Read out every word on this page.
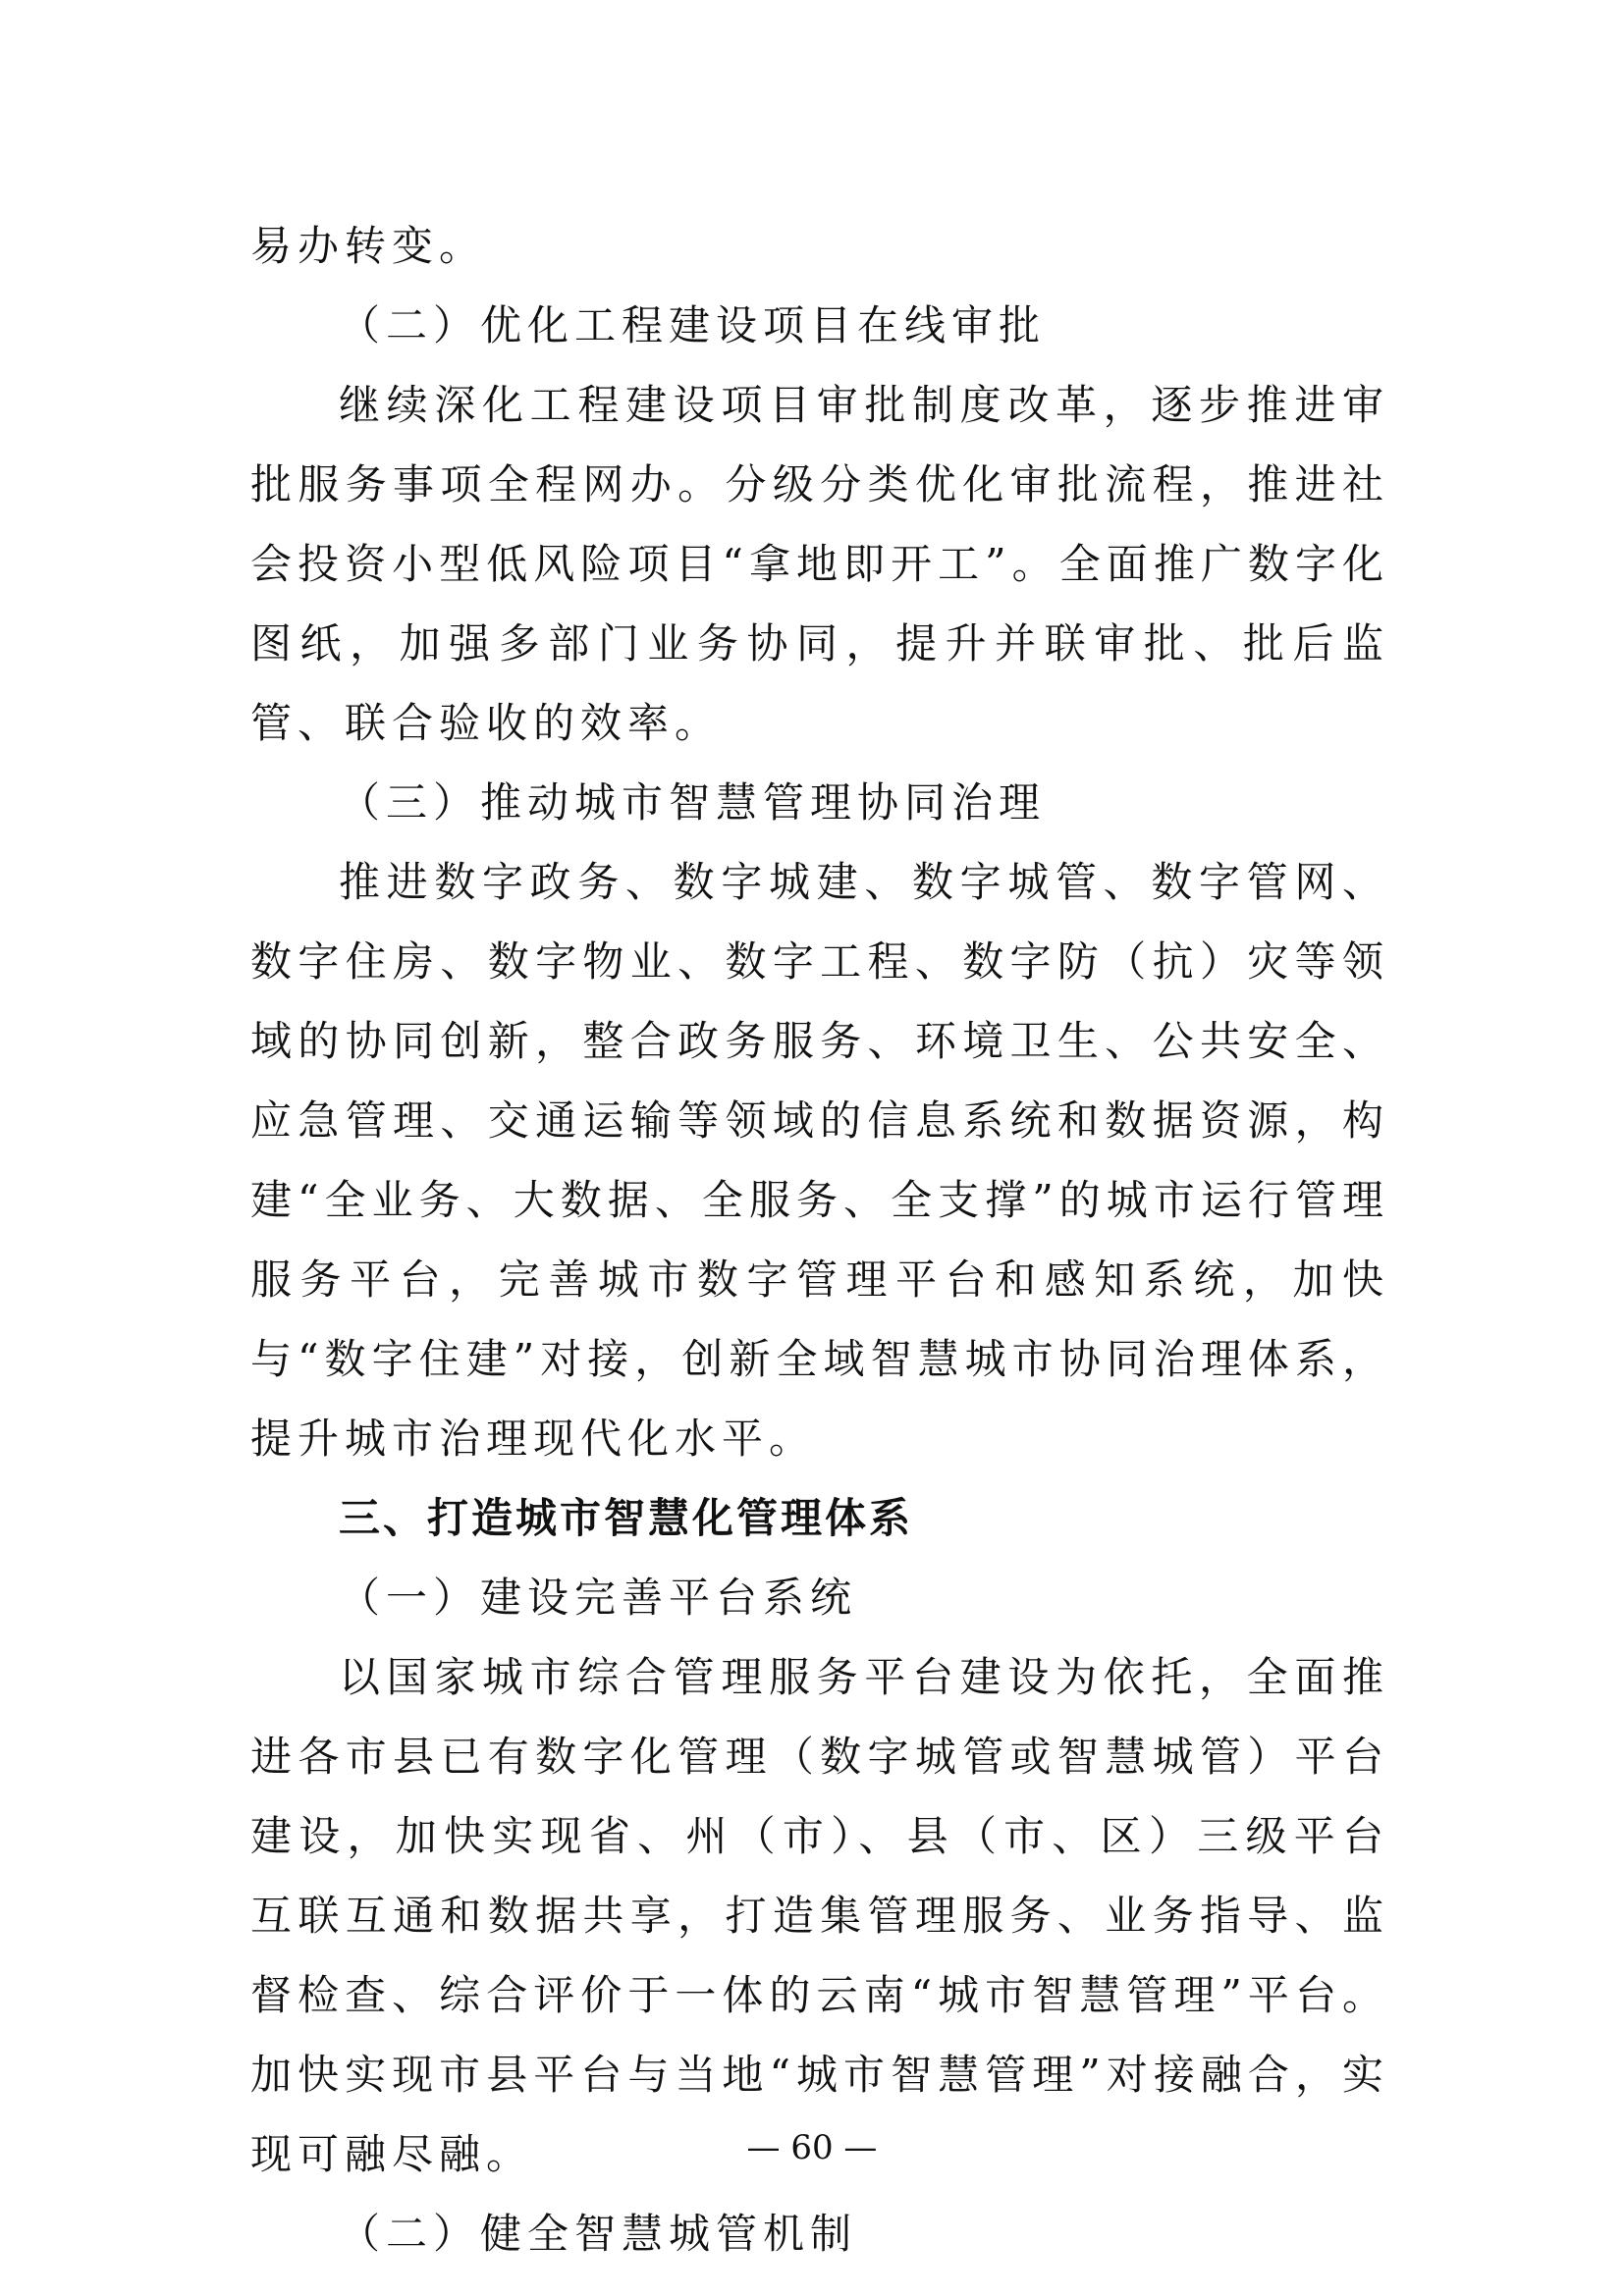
易办转变。

（二）优化工程建设项目在线审批

继续深化工程建设项目审批制度改革，逐步推进审批服务事项全程网办。分级分类优化审批流程，推进社会投资小型低风险项目“拿地即开工”。全面推广数字化图纸，加强多部门业务协同，提升并联审批、批后监管、联合验收的效率。

（三）推动城市智慧管理协同治理

推进数字政务、数字城建、数字城管、数字管网、数字住房、数字物业、数字工程、数字防（抗）灾等领域的协同创新，整合政务服务、环境卫生、公共安全、应急管理、交通运输等领域的信息系统和数据资源，构建“全业务、大数据、全服务、全支撑”的城市运行管理服务平台，完善城市数字管理平台和感知系统，加快与“数字住建”对接，创新全域智慧城市协同治理体系，提升城市治理现代化水平。

三、打造城市智慧化管理体系

（一）建设完善平台系统

以国家城市综合管理服务平台建设为依托，全面推进各市县已有数字化管理（数字城管或智慧城管）平台建设，加快实现省、州（市）、县（市、区）三级平台互联互通和数据共享，打造集管理服务、业务指导、监督检查、综合评价于一体的云南“城市智慧管理”平台。加快实现市县平台与当地“城市智慧管理”对接融合，实现可融尽融。

（二）健全智慧城管机制

— 60 —
